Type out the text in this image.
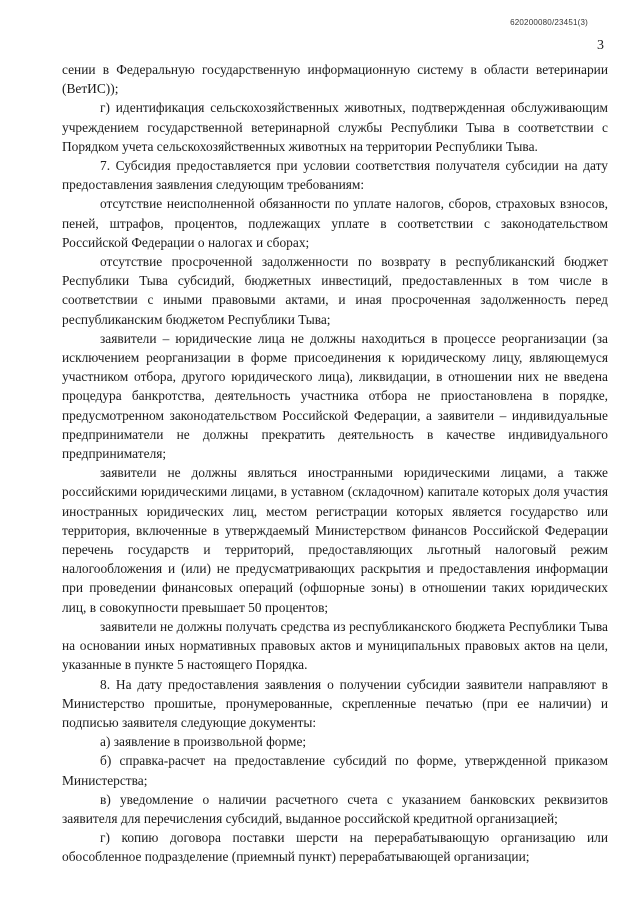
620200080/23451(3)
3

сении в Федеральную государственную информационную систему в области ветеринарии (ВетИС));

г) идентификация сельскохозяйственных животных, подтвержденная обслуживающим учреждением государственной ветеринарной службы Республики Тыва в соответствии с Порядком учета сельскохозяйственных животных на территории Республики Тыва.

7. Субсидия предоставляется при условии соответствия получателя субсидии на дату предоставления заявления следующим требованиям:

отсутствие неисполненной обязанности по уплате налогов, сборов, страховых взносов, пеней, штрафов, процентов, подлежащих уплате в соответствии с законодательством Российской Федерации о налогах и сборах;

отсутствие просроченной задолженности по возврату в республиканский бюджет Республики Тыва субсидий, бюджетных инвестиций, предоставленных в том числе в соответствии с иными правовыми актами, и иная просроченная задолженность перед республиканским бюджетом Республики Тыва;

заявители – юридические лица не должны находиться в процессе реорганизации (за исключением реорганизации в форме присоединения к юридическому лицу, являющемуся участником отбора, другого юридического лица), ликвидации, в отношении них не введена процедура банкротства, деятельность участника отбора не приостановлена в порядке, предусмотренном законодательством Российской Федерации, а заявители – индивидуальные предприниматели не должны прекратить деятельность в качестве индивидуального предпринимателя;

заявители не должны являться иностранными юридическими лицами, а также российскими юридическими лицами, в уставном (складочном) капитале которых доля участия иностранных юридических лиц, местом регистрации которых является государство или территория, включенные в утверждаемый Министерством финансов Российской Федерации перечень государств и территорий, предоставляющих льготный налоговый режим налогообложения и (или) не предусматривающих раскрытия и предоставления информации при проведении финансовых операций (офшорные зоны) в отношении таких юридических лиц, в совокупности превышает 50 процентов;

заявители не должны получать средства из республиканского бюджета Республики Тыва на основании иных нормативных правовых актов и муниципальных правовых актов на цели, указанные в пункте 5 настоящего Порядка.

8. На дату предоставления заявления о получении субсидии заявители направляют в Министерство прошитые, пронумерованные, скрепленные печатью (при ее наличии) и подписью заявителя следующие документы:

а) заявление в произвольной форме;

б) справка-расчет на предоставление субсидий по форме, утвержденной приказом Министерства;

в) уведомление о наличии расчетного счета с указанием банковских реквизитов заявителя для перечисления субсидий, выданное российской кредитной организацией;

г) копию договора поставки шерсти на перерабатывающую организацию или обособленное подразделение (приемный пункт) перерабатывающей организации;
